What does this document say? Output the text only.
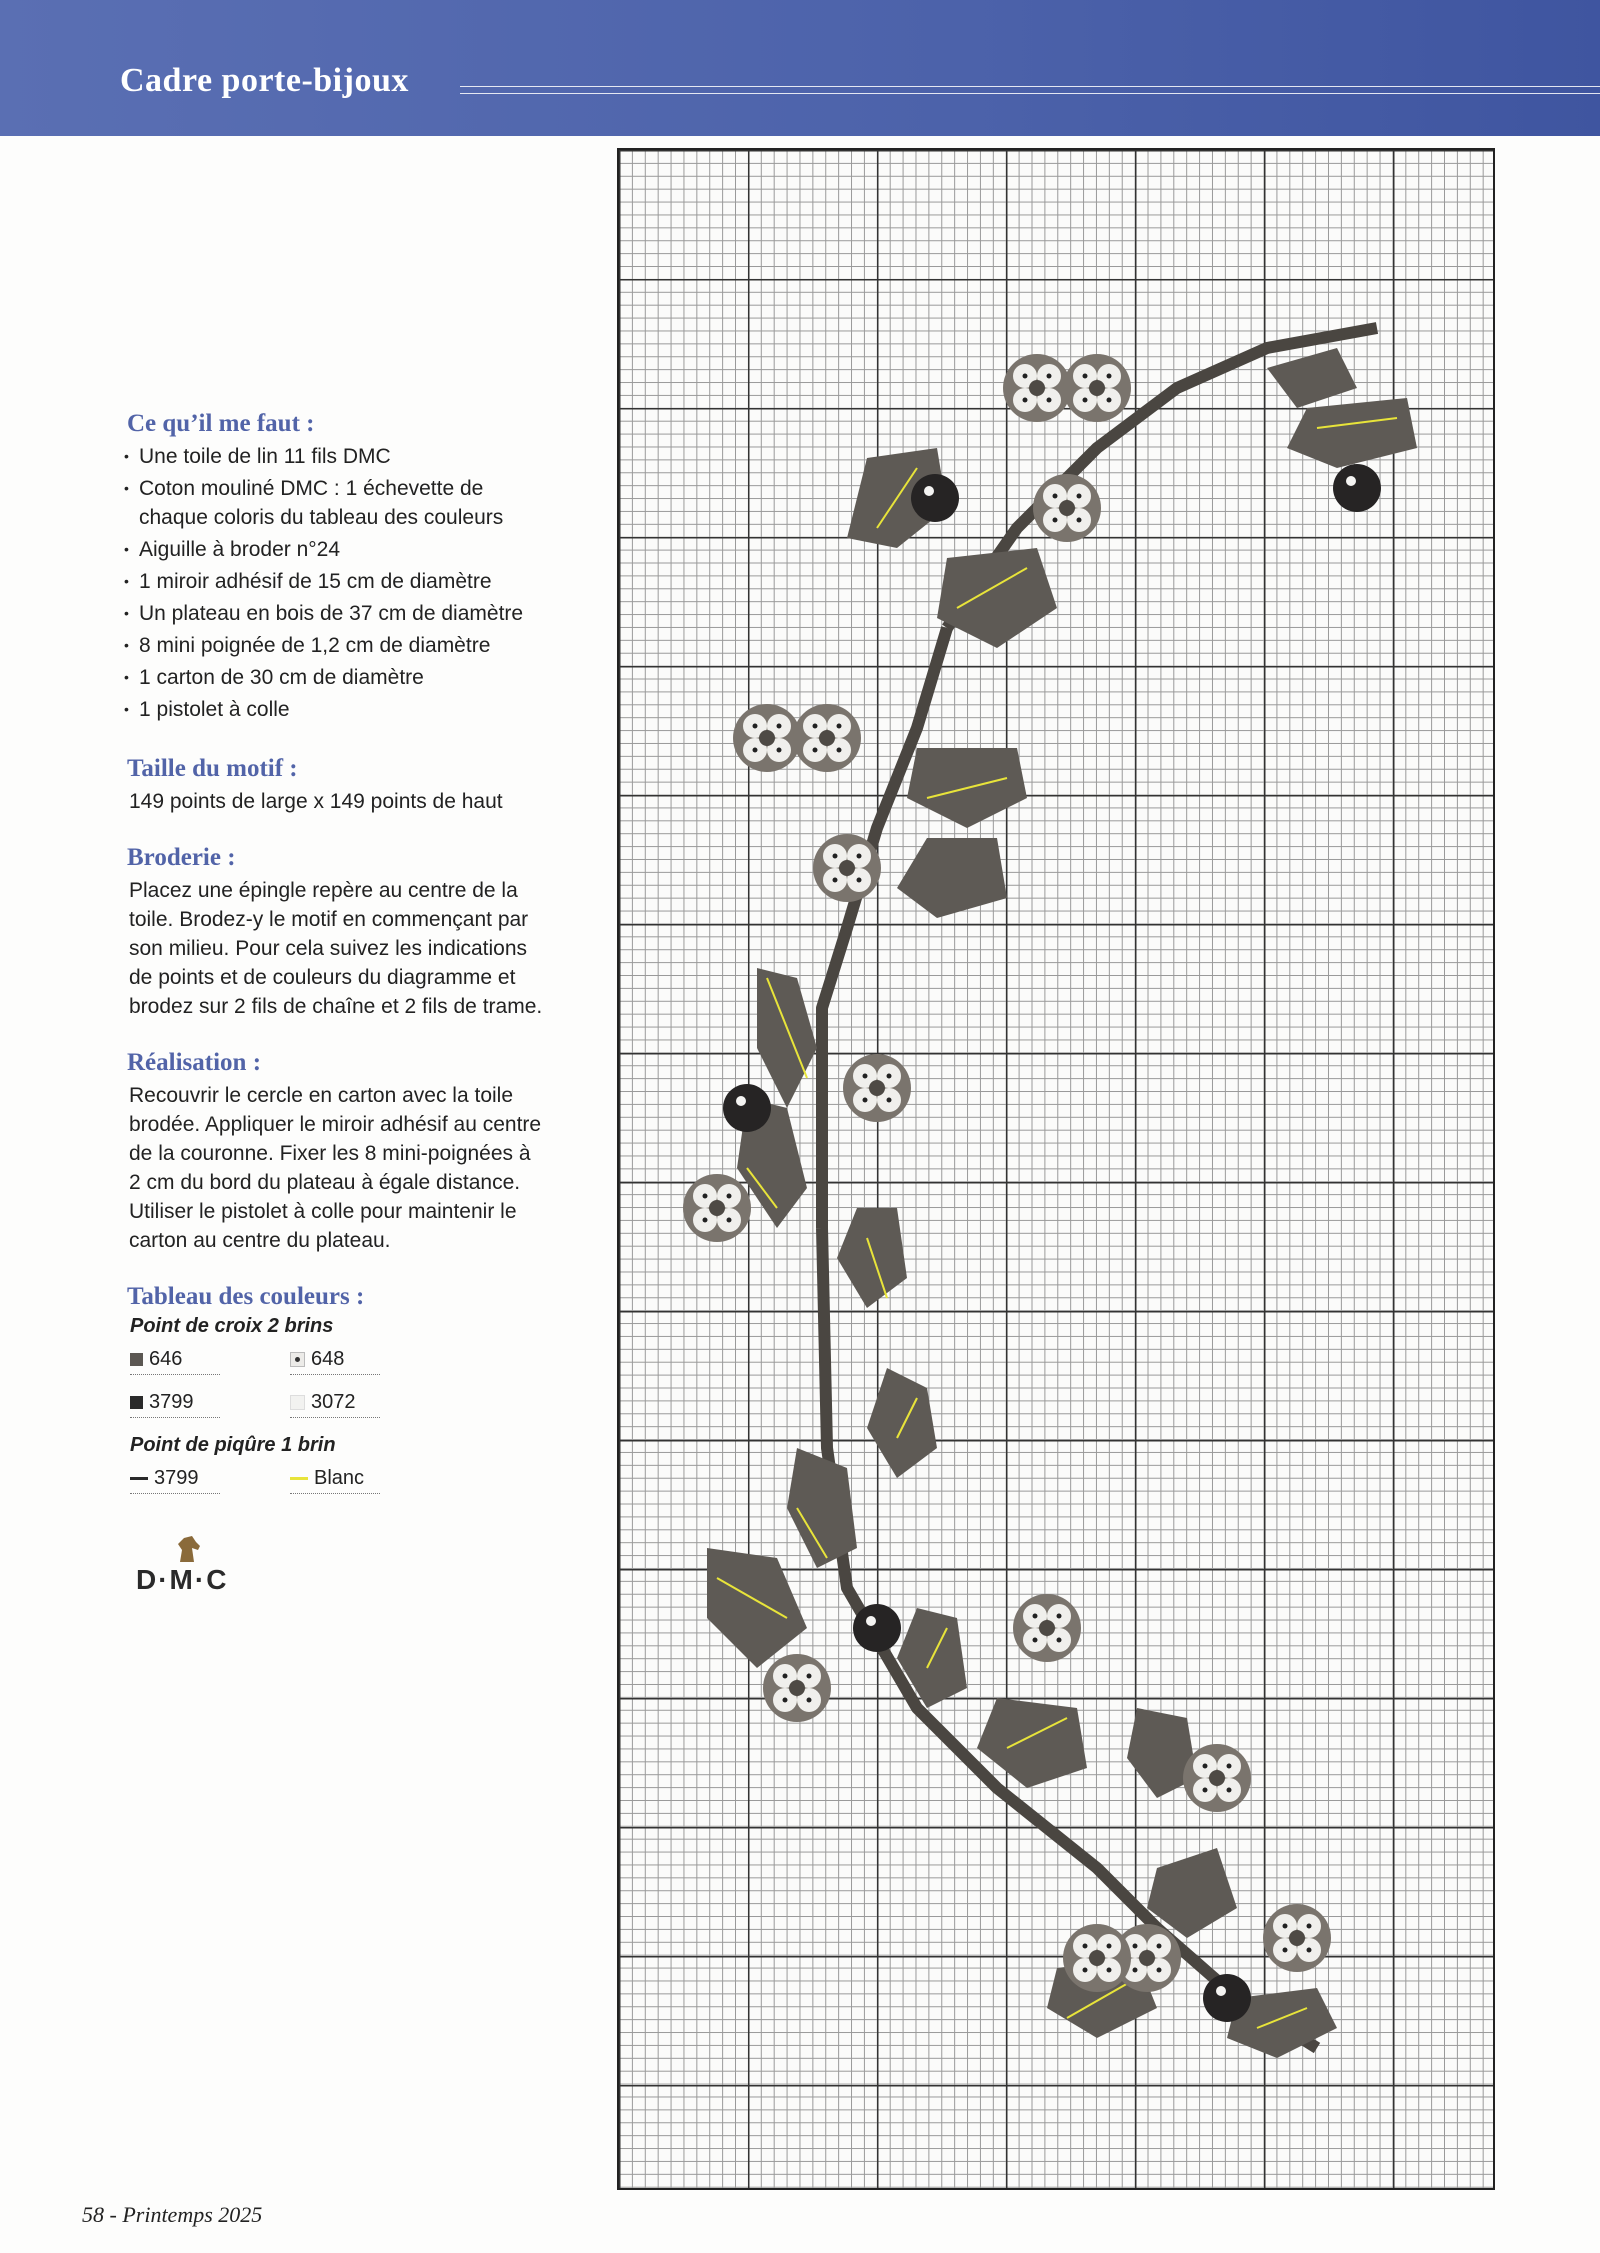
Cadre porte-bijoux
Ce qu’il me faut :
• Une toile de lin 11 fils DMC
• Coton mouliné DMC : 1 échevette de chaque coloris du tableau des couleurs
• Aiguille à broder n°24
• 1 miroir adhésif de 15 cm de diamètre
• Un plateau en bois de 37 cm de diamètre
• 8 mini poignée de 1,2 cm de diamètre
• 1 carton de 30 cm de diamètre
• 1 pistolet à colle
Taille du motif :

149 points de large x 149 points de haut

Broderie :

Placez une épingle repère au centre de la toile. Brodez-y le motif en commençant par son milieu. Pour cela suivez les indications de points et de couleurs du diagramme et brodez sur 2 fils de chaîne et 2 fils de trame.

Réalisation :

Recouvrir le cercle en carton avec la toile brodée. Appliquer le miroir adhésif au centre de la couronne. Fixer les 8 mini-poignées à 2 cm du bord du plateau à égale distance. Utiliser le pistolet à colle pour maintenir le carton au centre du plateau.

Tableau des couleurs :
Point de croix 2 brins
646	648
3799	3072
Point de piqûre 1 brin
3799	Blanc
D·M·C
58 - Printemps 2025
